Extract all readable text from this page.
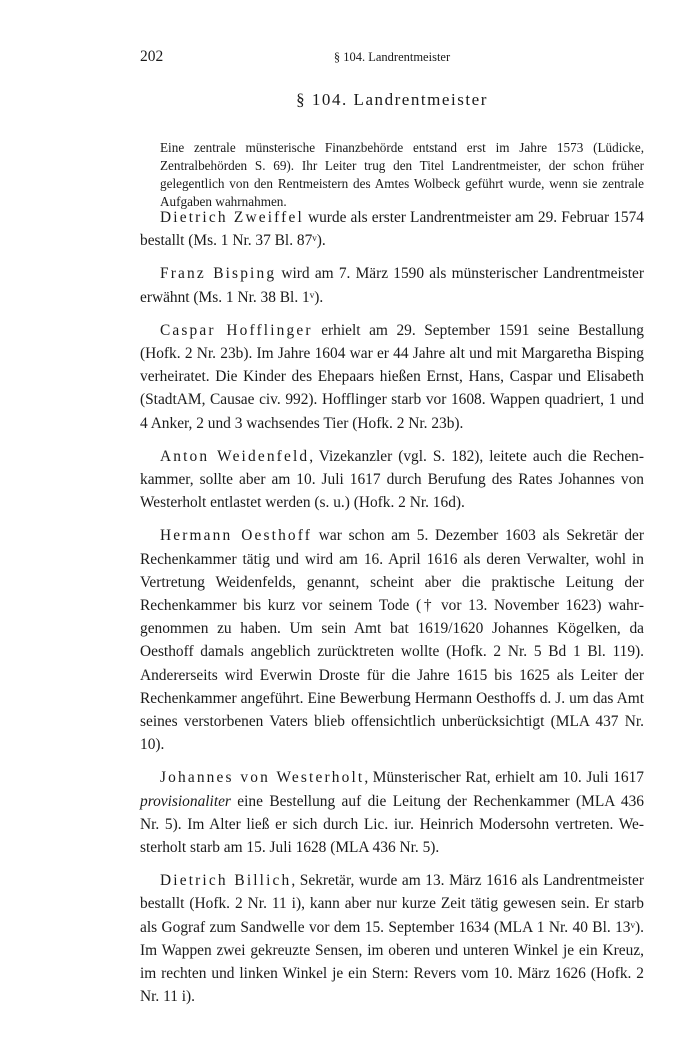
202	§ 104. Landrentmeister
§ 104. Landrentmeister

Eine zentrale münsterische Finanzbehörde entstand erst im Jahre 1573 (Lüdicke, Zentralbehörden S. 69). Ihr Leiter trug den Titel Landrentmeister, der schon früher gelegentlich von den Rentmeistern des Amtes Wolbeck geführt wurde, wenn sie zentrale Aufgaben wahrnahmen.

Dietrich Zweiffel wurde als erster Landrentmeister am 29. Februar 1574 bestallt (Ms. 1 Nr. 37 Bl. 87ᵛ).

Franz Bisping wird am 7. März 1590 als münsterischer Landrentmeister erwähnt (Ms. 1 Nr. 38 Bl. 1ᵛ).

Caspar Hofflinger erhielt am 29. September 1591 seine Bestallung (Hofk. 2 Nr. 23b). Im Jahre 1604 war er 44 Jahre alt und mit Margaretha Bisping verheiratet. Die Kinder des Ehepaars hießen Ernst, Hans, Caspar und Elisabeth (StadtAM, Causae civ. 992). Hofflinger starb vor 1608. Wappen quadriert, 1 und 4 Anker, 2 und 3 wachsendes Tier (Hofk. 2 Nr. 23b).

Anton Weidenfeld, Vizekanzler (vgl. S. 182), leitete auch die Rechenkammer, sollte aber am 10. Juli 1617 durch Berufung des Rates Johannes von Westerholt entlastet werden (s. u.) (Hofk. 2 Nr. 16d).

Hermann Oesthoff war schon am 5. Dezember 1603 als Sekretär der Rechenkammer tätig und wird am 16. April 1616 als deren Verwalter, wohl in Vertretung Weidenfelds, genannt, scheint aber die praktische Leitung der Rechenkammer bis kurz vor seinem Tode († vor 13. November 1623) wahrgenommen zu haben. Um sein Amt bat 1619/1620 Johannes Kögelken, da Oesthoff damals angeblich zurücktreten wollte (Hofk. 2 Nr. 5 Bd 1 Bl. 119). Andererseits wird Everwin Droste für die Jahre 1615 bis 1625 als Leiter der Rechenkammer angeführt. Eine Bewerbung Hermann Oesthoffs d. J. um das Amt seines verstorbenen Vaters blieb offensichtlich unberücksichtigt (MLA 437 Nr. 10).

Johannes von Westerholt, Münsterischer Rat, erhielt am 10. Juli 1617 provisionaliter eine Bestellung auf die Leitung der Rechenkammer (MLA 436 Nr. 5). Im Alter ließ er sich durch Lic. iur. Heinrich Modersohn vertreten. Westerholt starb am 15. Juli 1628 (MLA 436 Nr. 5).

Dietrich Billich, Sekretär, wurde am 13. März 1616 als Landrentmeister bestallt (Hofk. 2 Nr. 11 i), kann aber nur kurze Zeit tätig gewesen sein. Er starb als Gograf zum Sandwelle vor dem 15. September 1634 (MLA 1 Nr. 40 Bl. 13ᵛ). Im Wappen zwei gekreuzte Sensen, im oberen und unteren Winkel je ein Kreuz, im rechten und linken Winkel je ein Stern: Revers vom 10. März 1626 (Hofk. 2 Nr. 11 i).
